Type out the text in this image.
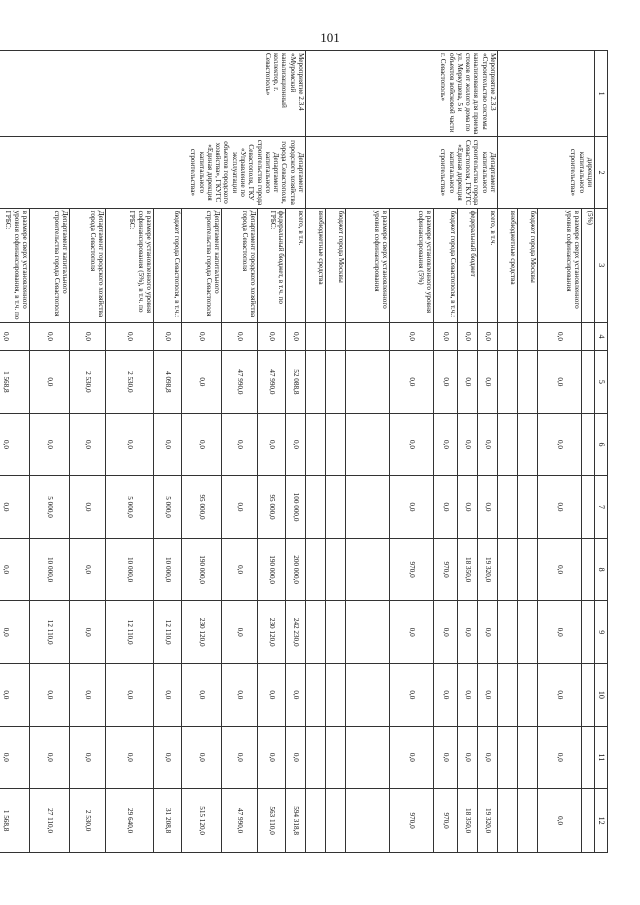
101
1	2	3	4	5	6	7	8	9	10	11	12
	дирекции капитального строительства»	(5%)									
		в размере сверх установленного уровня софинансирования	0,0	0,0	0,0	0,0	0,0	0,0	0,0	0,0	0,0
		бюджет города Москвы									
		внебюджетные средства									
Мероприятие 2.3.3 «Строительство системы канализования для приема стоков от жилого дома по ул. Меркушева, 5 и объектов войсковой части г. Севастополь»	Департамент капитального строительства города Севастополя, ГКУГС «Единая дирекция капитального строительства»	всего, в т.ч.	0,0	0,0	0,0	0,0	19 320,0	0,0	0,0	0,0	19 320,0
		федеральный бюджет	0,0	0,0	0,0	0,0	18 350,0	0,0	0,0	0,0	18 350,0
		бюджет города Севастополя, в т.ч.:	0,0	0,0	0,0	0,0	970,0	0,0	0,0	0,0	970,0
		в размере установленного уровня софинансирования (5%)	0,0	0,0	0,0	0,0	970,0	0,0	0,0	0,0	970,0
		в размере сверх установленного уровня софинансирования									
		бюджет города Москвы									
		внебюджетные средства									
Мероприятие 2.3.4 «Муромский канализационный коллектор, г. Севастополь»	Департамент городского хозяйства города Севастополя, Департамент капитального строительства города Севастополя, ГКУ «Управление по эксплуатации объектов городского хозяйства», ГКУГС «Единая дирекция капитального строительства»	всего, в т.ч.	0,0	52 088,8	0,0	100 000,0	200 000,0	242 230,0	0,0	0,0	594 318,8
		федеральный бюджет, в т.ч. по ГРБС:	0,0	47 990,0	0,0	95 000,0	190 000,0	230 120,0	0,0	0,0	563 110,0
		Департамент городского хозяйства города Севастополя	0,0	47 990,0	0,0	0,0	0,0	0,0	0,0	0,0	47 990,0
		Департамент капитального строительства города Севастополя	0,0	0,0	0,0	95 000,0	190 000,0	230 120,0	0,0	0,0	515 120,0
		бюджет города Севастополя, в т.ч.:	0,0	4 098,8	0,0	5 000,0	10 000,0	12 110,0	0,0	0,0	31 208,8
		в размере установленного уровня софинансирования (5%), в т.ч. по ГРБС:	0,0	2 530,0	0,0	5 000,0	10 000,0	12 110,0	0,0	0,0	29 640,0
		Департамент городского хозяйства города Севастополя	0,0	2 530,0	0,0	0,0	0,0	0,0	0,0	0,0	2 530,0
		Департамент капитального строительства города Севастополя	0,0	0,0	0,0	5 000,0	10 000,0	12 110,0	0,0	0,0	27 110,0
		в размере сверх установленного уровня софинансирования, в т.ч. по ГРБС:	0,0	1 568,8	0,0	0,0	0,0	0,0	0,0	0,0	1 568,8
